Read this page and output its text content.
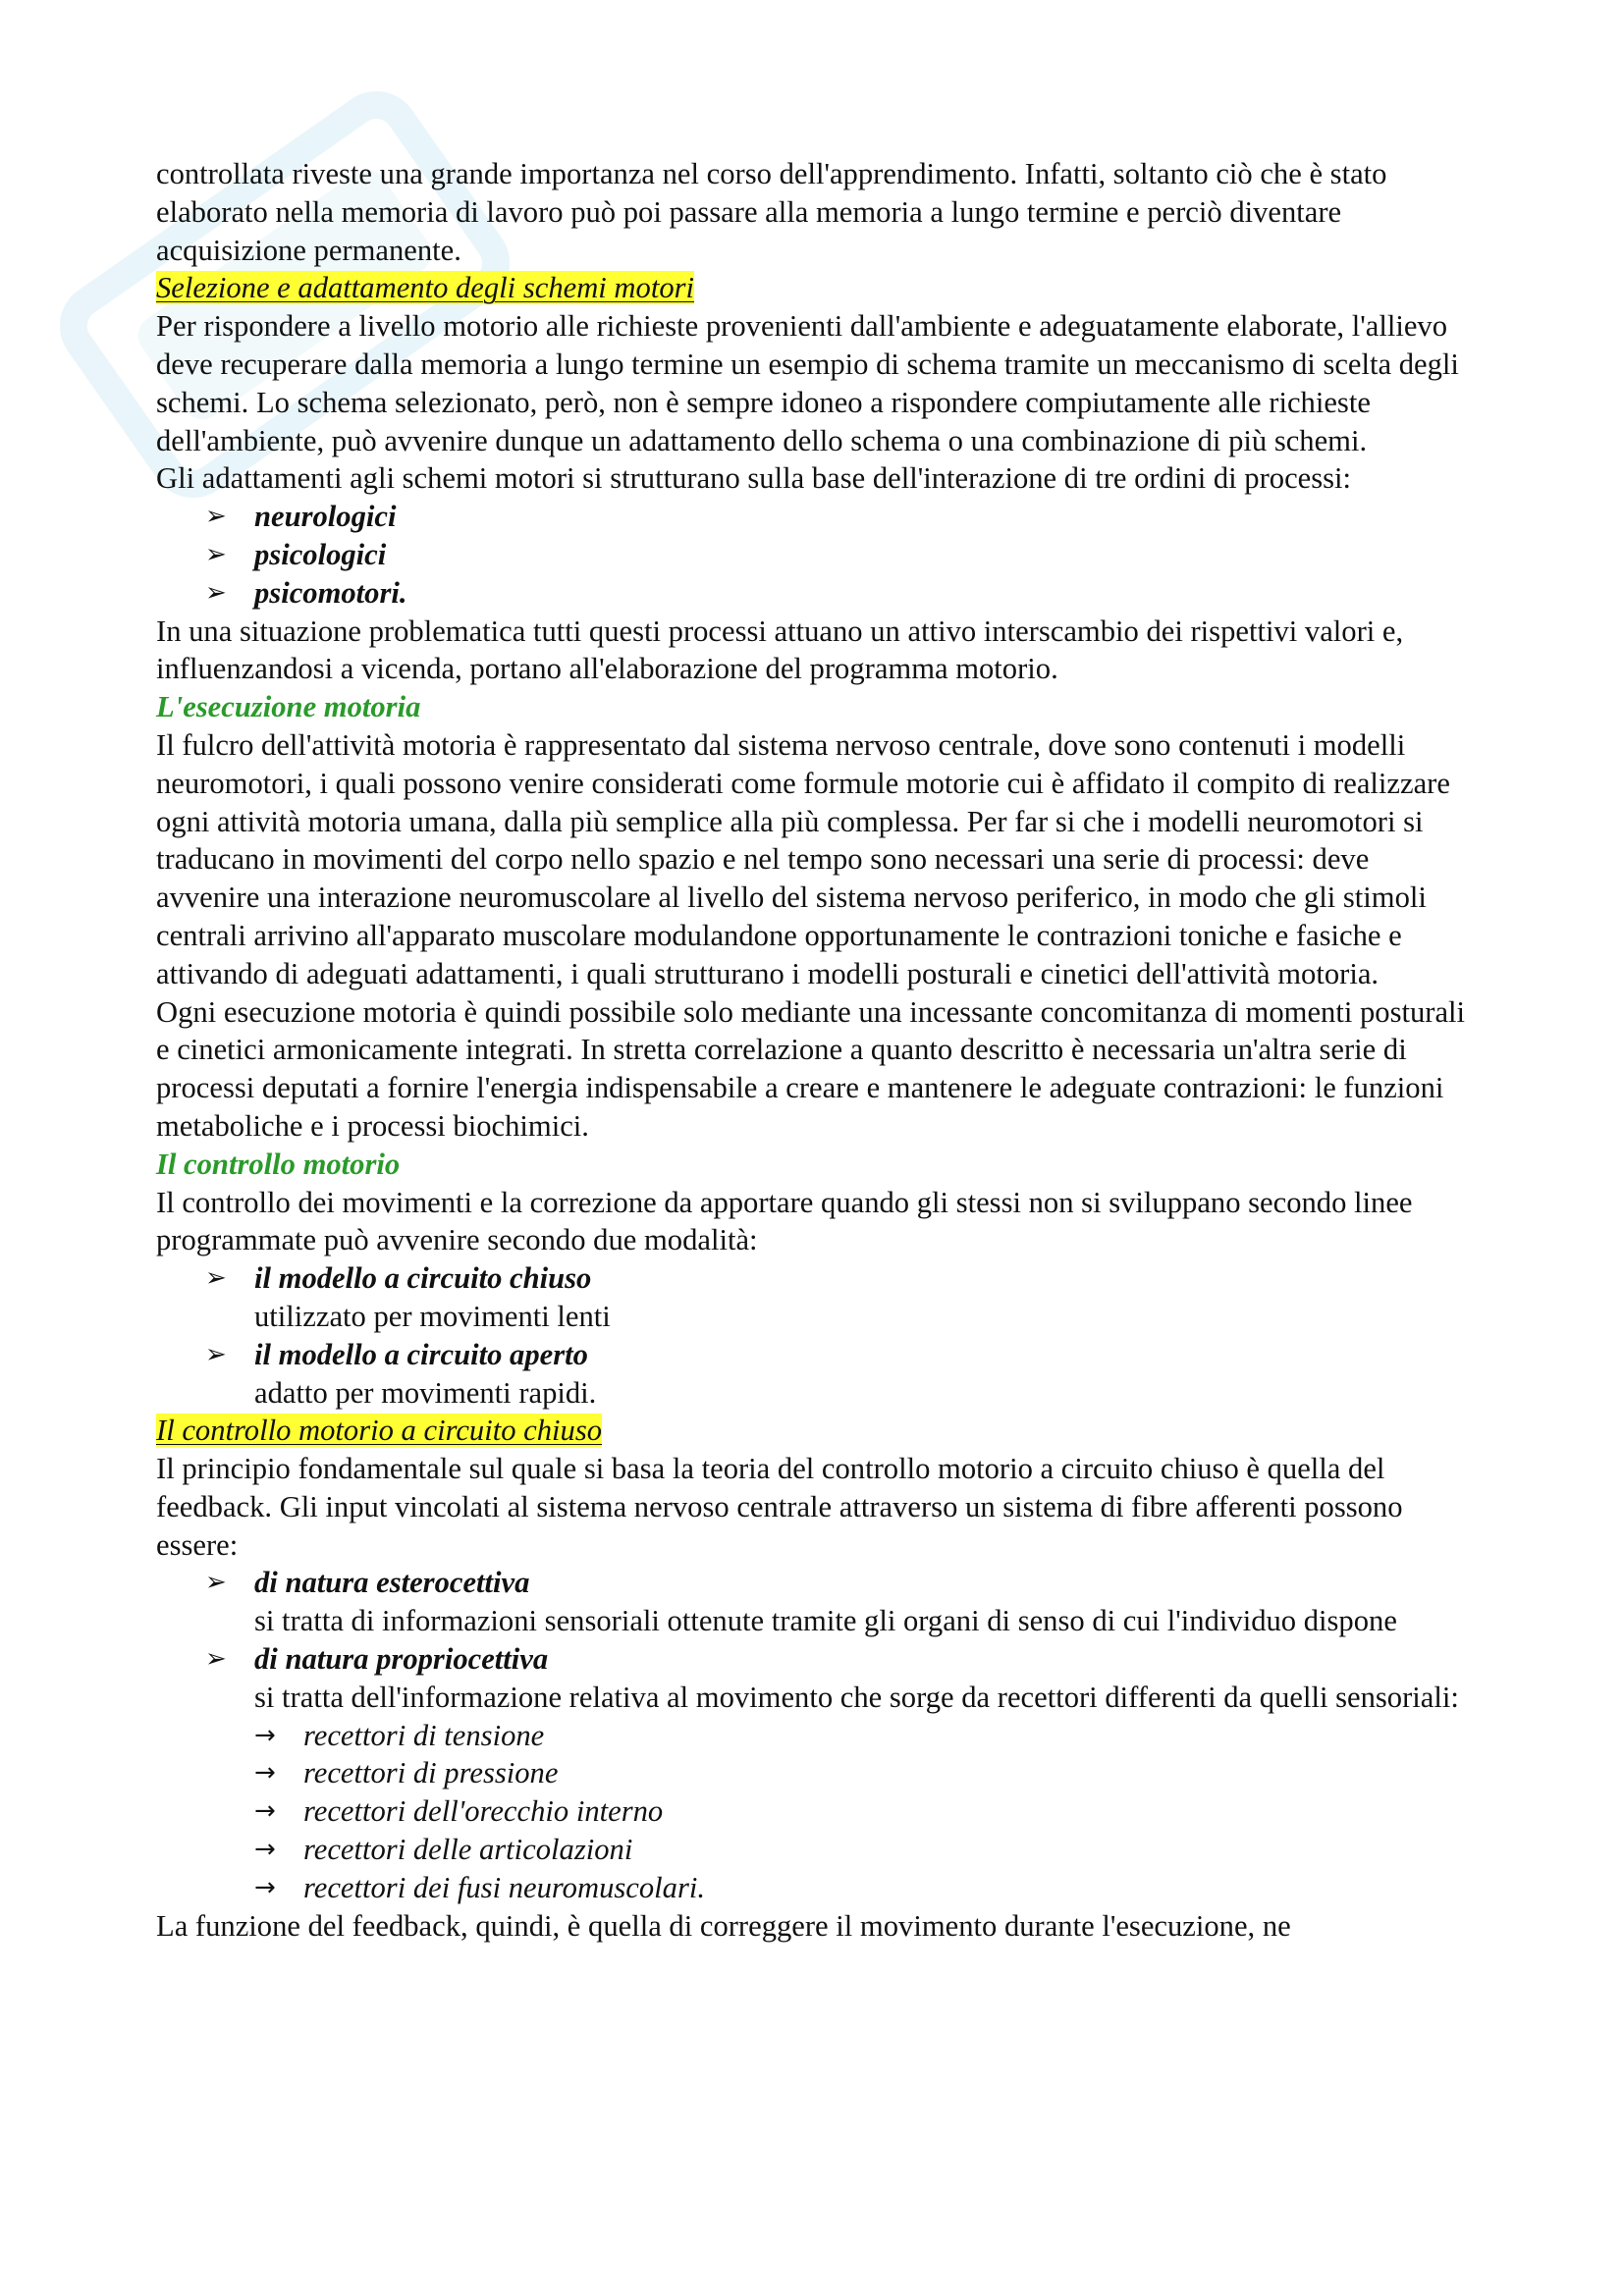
controllata riveste una grande importanza nel corso dell'apprendimento. Infatti, soltanto ciò che è stato elaborato nella memoria di lavoro può poi passare alla memoria a lungo termine e perciò diventare acquisizione permanente.

Selezione e adattamento degli schemi motori

Per rispondere a livello motorio alle richieste provenienti dall'ambiente e adeguatamente elaborate, l'allievo deve recuperare dalla memoria a lungo termine un esempio di schema tramite un meccanismo di scelta degli schemi. Lo schema selezionato, però, non è sempre idoneo a rispondere compiutamente alle richieste dell'ambiente, può avvenire dunque un adattamento dello schema o una combinazione di più schemi.

Gli adattamenti agli schemi motori si strutturano sulla base dell'interazione di tre ordini di processi:

➢ neurologici
➢ psicologici
➢ psicomotori.

In una situazione problematica tutti questi processi attuano un attivo interscambio dei rispettivi valori e, influenzandosi a vicenda, portano all'elaborazione del programma motorio.

L'esecuzione motoria

Il fulcro dell'attività motoria è rappresentato dal sistema nervoso centrale, dove sono contenuti i modelli neuromotori, i quali possono venire considerati come formule motorie cui è affidato il compito di realizzare ogni attività motoria umana, dalla più semplice alla più complessa. Per far si che i modelli neuromotori si traducano in movimenti del corpo nello spazio e nel tempo sono necessari una serie di processi: deve avvenire una interazione neuromuscolare al livello del sistema nervoso periferico, in modo che gli stimoli centrali arrivino all'apparato muscolare modulandone opportunamente le contrazioni toniche e fasiche e attivando di adeguati adattamenti, i quali strutturano i modelli posturali e cinetici dell'attività motoria.

Ogni esecuzione motoria è quindi possibile solo mediante una incessante concomitanza di momenti posturali e cinetici armonicamente integrati. In stretta correlazione a quanto descritto è necessaria un'altra serie di processi deputati a fornire l'energia indispensabile a creare e mantenere le adeguate contrazioni: le funzioni metaboliche e i processi biochimici.

Il controllo motorio

Il controllo dei movimenti e la correzione da apportare quando gli stessi non si sviluppano secondo linee programmate può avvenire secondo due modalità:

➢ il modello a circuito chiuso
utilizzato per movimenti lenti
➢ il modello a circuito aperto
adatto per movimenti rapidi.
Il controllo motorio a circuito chiuso

Il principio fondamentale sul quale si basa la teoria del controllo motorio a circuito chiuso è quella del feedback. Gli input vincolati al sistema nervoso centrale attraverso un sistema di fibre afferenti possono essere:

➢ di natura esterocettiva
si tratta di informazioni sensoriali ottenute tramite gli organi di senso di cui l'individuo dispone
➢ di natura propriocettiva
si tratta dell'informazione relativa al movimento che sorge da recettori differenti da quelli sensoriali:
→ recettori di tensione
→ recettori di pressione
→ recettori dell'orecchio interno
→ recettori delle articolazioni
→ recettori dei fusi neuromuscolari.

La funzione del feedback, quindi, è quella di correggere il movimento durante l'esecuzione, ne
